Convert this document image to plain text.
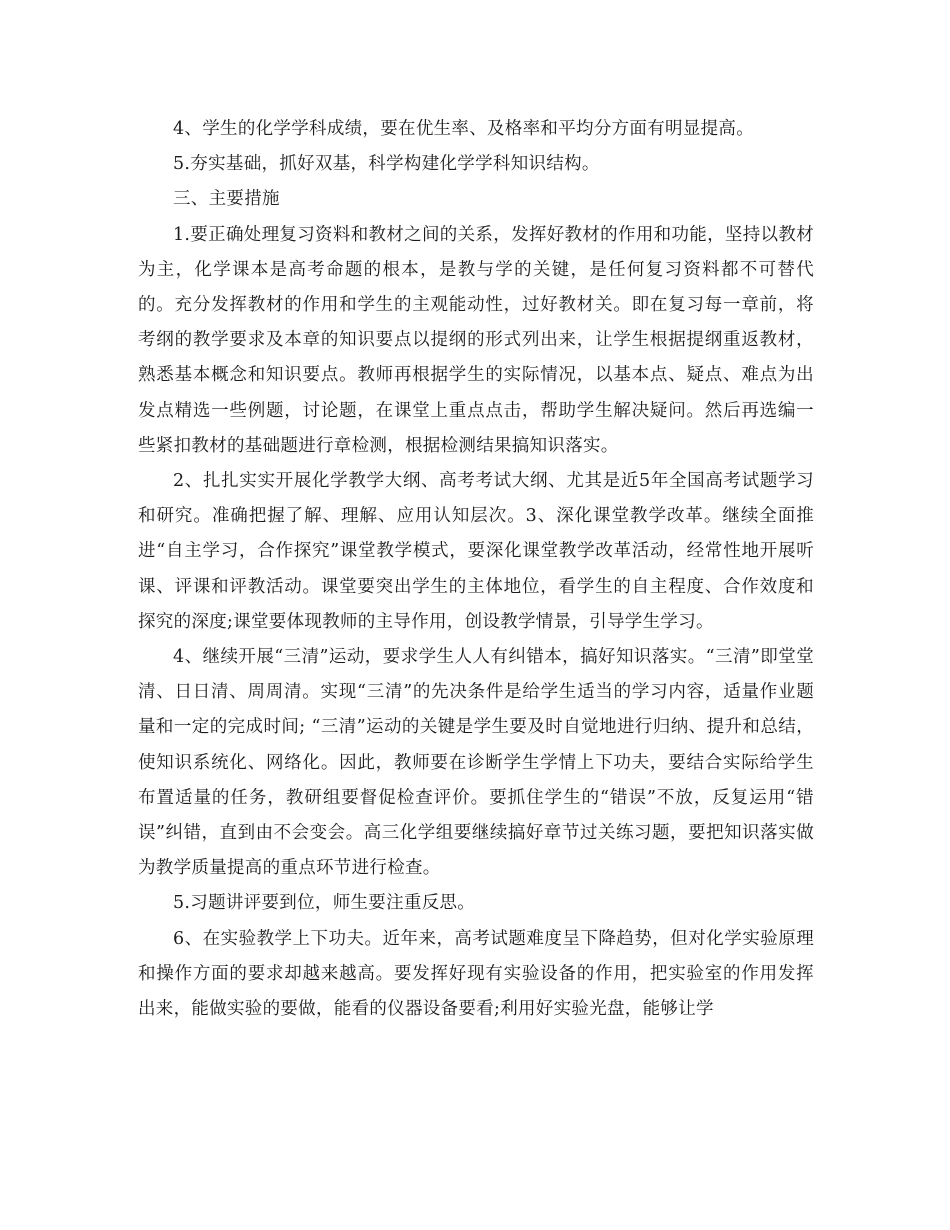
4、学生的化学学科成绩，要在优生率、及格率和平均分方面有明显提高。

5.夯实基础，抓好双基，科学构建化学学科知识结构。

三、主要措施

1.要正确处理复习资料和教材之间的关系，发挥好教材的作用和功能，坚持以教材为主，化学课本是高考命题的根本，是教与学的关键，是任何复习资料都不可替代的。充分发挥教材的作用和学生的主观能动性，过好教材关。即在复习每一章前，将考纲的教学要求及本章的知识要点以提纲的形式列出来，让学生根据提纲重返教材，熟悉基本概念和知识要点。教师再根据学生的实际情况，以基本点、疑点、难点为出发点精选一些例题，讨论题，在课堂上重点点击，帮助学生解决疑问。然后再选编一些紧扣教材的基础题进行章检测，根据检测结果搞知识落实。

2、扎扎实实开展化学教学大纲、高考考试大纲、尤其是近5年全国高考试题学习和研究。准确把握了解、理解、应用认知层次。3、深化课堂教学改革。继续全面推进“自主学习，合作探究”课堂教学模式，要深化课堂教学改革活动，经常性地开展听课、评课和评教活动。课堂要突出学生的主体地位，看学生的自主程度、合作效度和探究的深度;课堂要体现教师的主导作用，创设教学情景，引导学生学习。

4、继续开展“三清”运动，要求学生人人有纠错本，搞好知识落实。“三清”即堂堂清、日日清、周周清。实现“三清”的先决条件是给学生适当的学习内容，适量作业题量和一定的完成时间; “三清”运动的关键是学生要及时自觉地进行归纳、提升和总结，使知识系统化、网络化。因此，教师要在诊断学生学情上下功夫，要结合实际给学生布置适量的任务，教研组要督促检查评价。要抓住学生的“错误”不放，反复运用“错误”纠错，直到由不会变会。高三化学组要继续搞好章节过关练习题，要把知识落实做为教学质量提高的重点环节进行检查。

5.习题讲评要到位，师生要注重反思。

6、在实验教学上下功夫。近年来，高考试题难度呈下降趋势，但对化学实验原理和操作方面的要求却越来越高。要发挥好现有实验设备的作用，把实验室的作用发挥出来，能做实验的要做，能看的仪器设备要看;利用好实验光盘，能够让学
